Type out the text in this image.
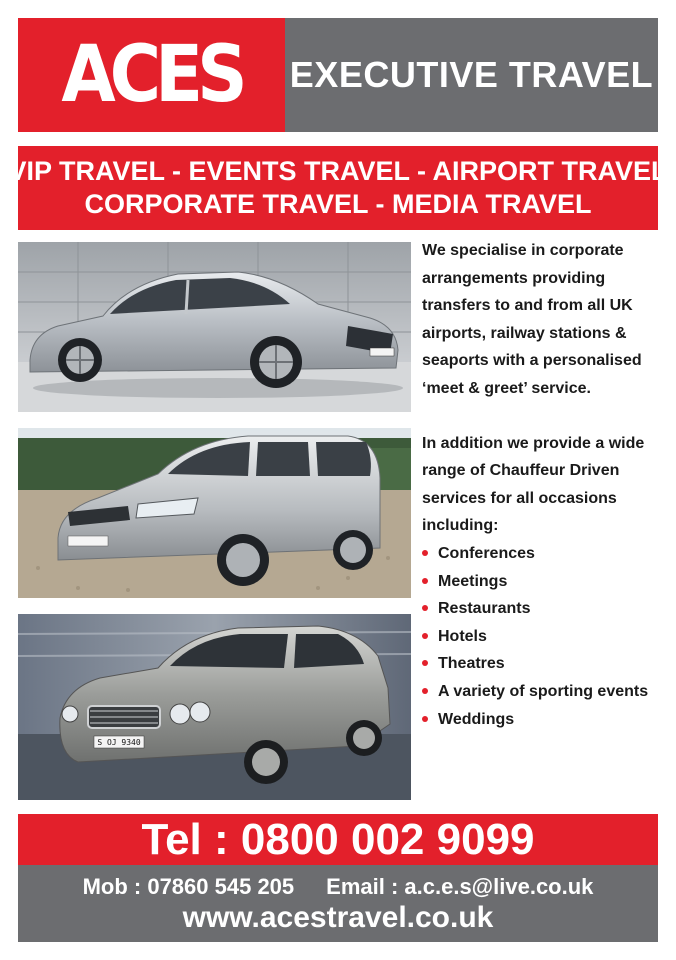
ACES EXECUTIVE TRAVEL
VIP TRAVEL - EVENTS TRAVEL - AIRPORT TRAVEL
CORPORATE TRAVEL - MEDIA TRAVEL
S OJ 9340

We specialise in corporate arrangements providing transfers to and from all UK airports, railway stations & seaports with a personalised ‘meet & greet’ service.

In addition we provide a wide range of Chauffeur Driven services for all occasions including:

Conferences
Meetings
Restaurants
Hotels
Theatres
A variety of sporting events
Weddings
Tel : 0800 002 9099
Mob : 07860 545 205 Email : a.c.e.s@live.co.uk
www.acestravel.co.uk
